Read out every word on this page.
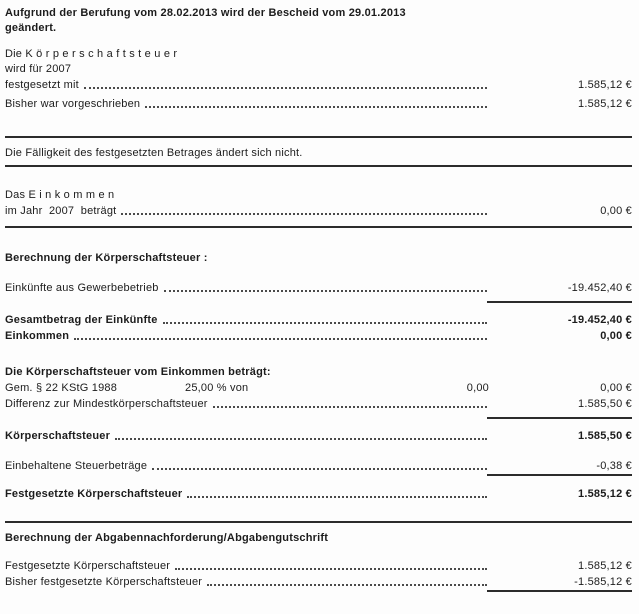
Aufgrund der Berufung vom 28.02.2013 wird der Bescheid vom 29.01.2013
geändert.
Die K ö r p e r s c h a f t s t e u e r
wird für 2007
festgesetzt mit	1.585,12 €
Bisher war vorgeschrieben	1.585,12 €
Die Fälligkeit des festgesetzten Betrages ändert sich nicht.
Das E i n k o m m e n
im Jahr  2007  beträgt	0,00 €
Berechnung der Körperschaftsteuer :
Einkünfte aus Gewerbebetrieb	-19.452,40 €
Gesamtbetrag der Einkünfte	-19.452,40 €
Einkommen	0,00 €
Die Körperschaftsteuer vom Einkommen beträgt:
Gem. § 22 KStG 1988	25,00 % von	0,00	0,00 €
Differenz zur Mindestkörperschaftsteuer	1.585,50 €
Körperschaftsteuer	1.585,50 €
Einbehaltene Steuerbeträge	-0,38 €
Festgesetzte Körperschaftsteuer	1.585,12 €
Berechnung der Abgabennachforderung/Abgabengutschrift
Festgesetzte Körperschaftsteuer	1.585,12 €
Bisher festgesetzte Körperschaftsteuer	-1.585,12 €
